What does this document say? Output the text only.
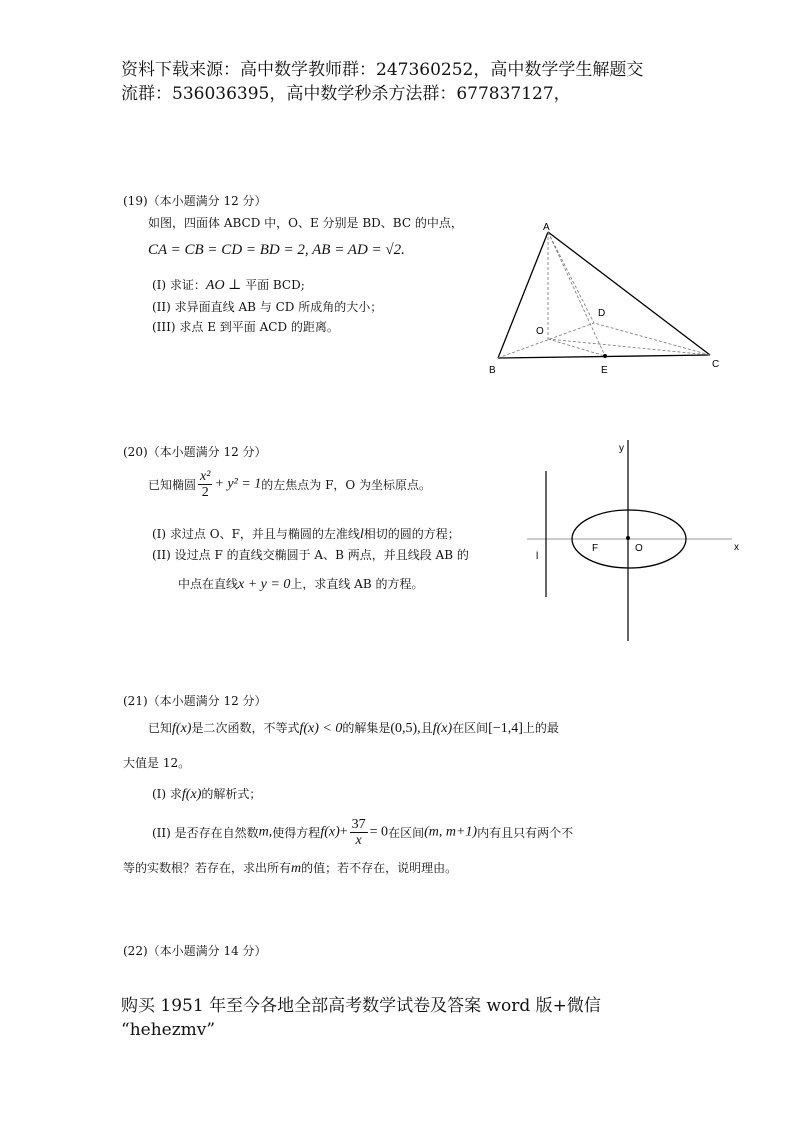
资料下载来源：高中数学教师群：247360252，高中数学学生解题交
流群：536036395，高中数学秒杀方法群：677837127，
(19)（本小题满分 12 分）
如图，四面体 ABCD 中，O、E 分别是 BD、BC 的中点，
CA = CB = CD = BD = 2, AB = AD = √2.
(I) 求证：AO ⊥ 平面 BCD;
(II) 求异面直线 AB 与 CD 所成角的大小；
(III) 求点 E 到平面 ACD 的距离。
A
B
C
D
O
E
(20)（本小题满分 12 分）
已知椭圆 $\frac{\text{x²}}{2} + y^2 = 1$的左焦点为 F，O 为坐标原点。
(I) 求过点 O、F，并且与椭圆的左准线l相切的圆的方程；
(II) 设过点 F 的直线交椭圆于 A、B 两点，并且线段 AB 的
中点在直线x + y = 0上，求直线 AB 的方程。
y
x
F	O
l
(21)（本小题满分 12 分）
已知f(x)是二次函数，不等式f(x) < 0的解集是(0,5),且f(x)在区间[−1,4]上的最
大值是 12。
(I) 求f(x)的解析式；
(II) 是否存在自然数m,使得方程$f(x)+ \frac{37}{x} = 0$在区间(m, m+1)内有且只有两个不
等的实数根？若存在，求出所有m的值；若不存在，说明理由。
(22)（本小题满分 14 分）
购买 1951 年至今各地全部高考数学试卷及答案 word 版+微信
“hehezmv”
